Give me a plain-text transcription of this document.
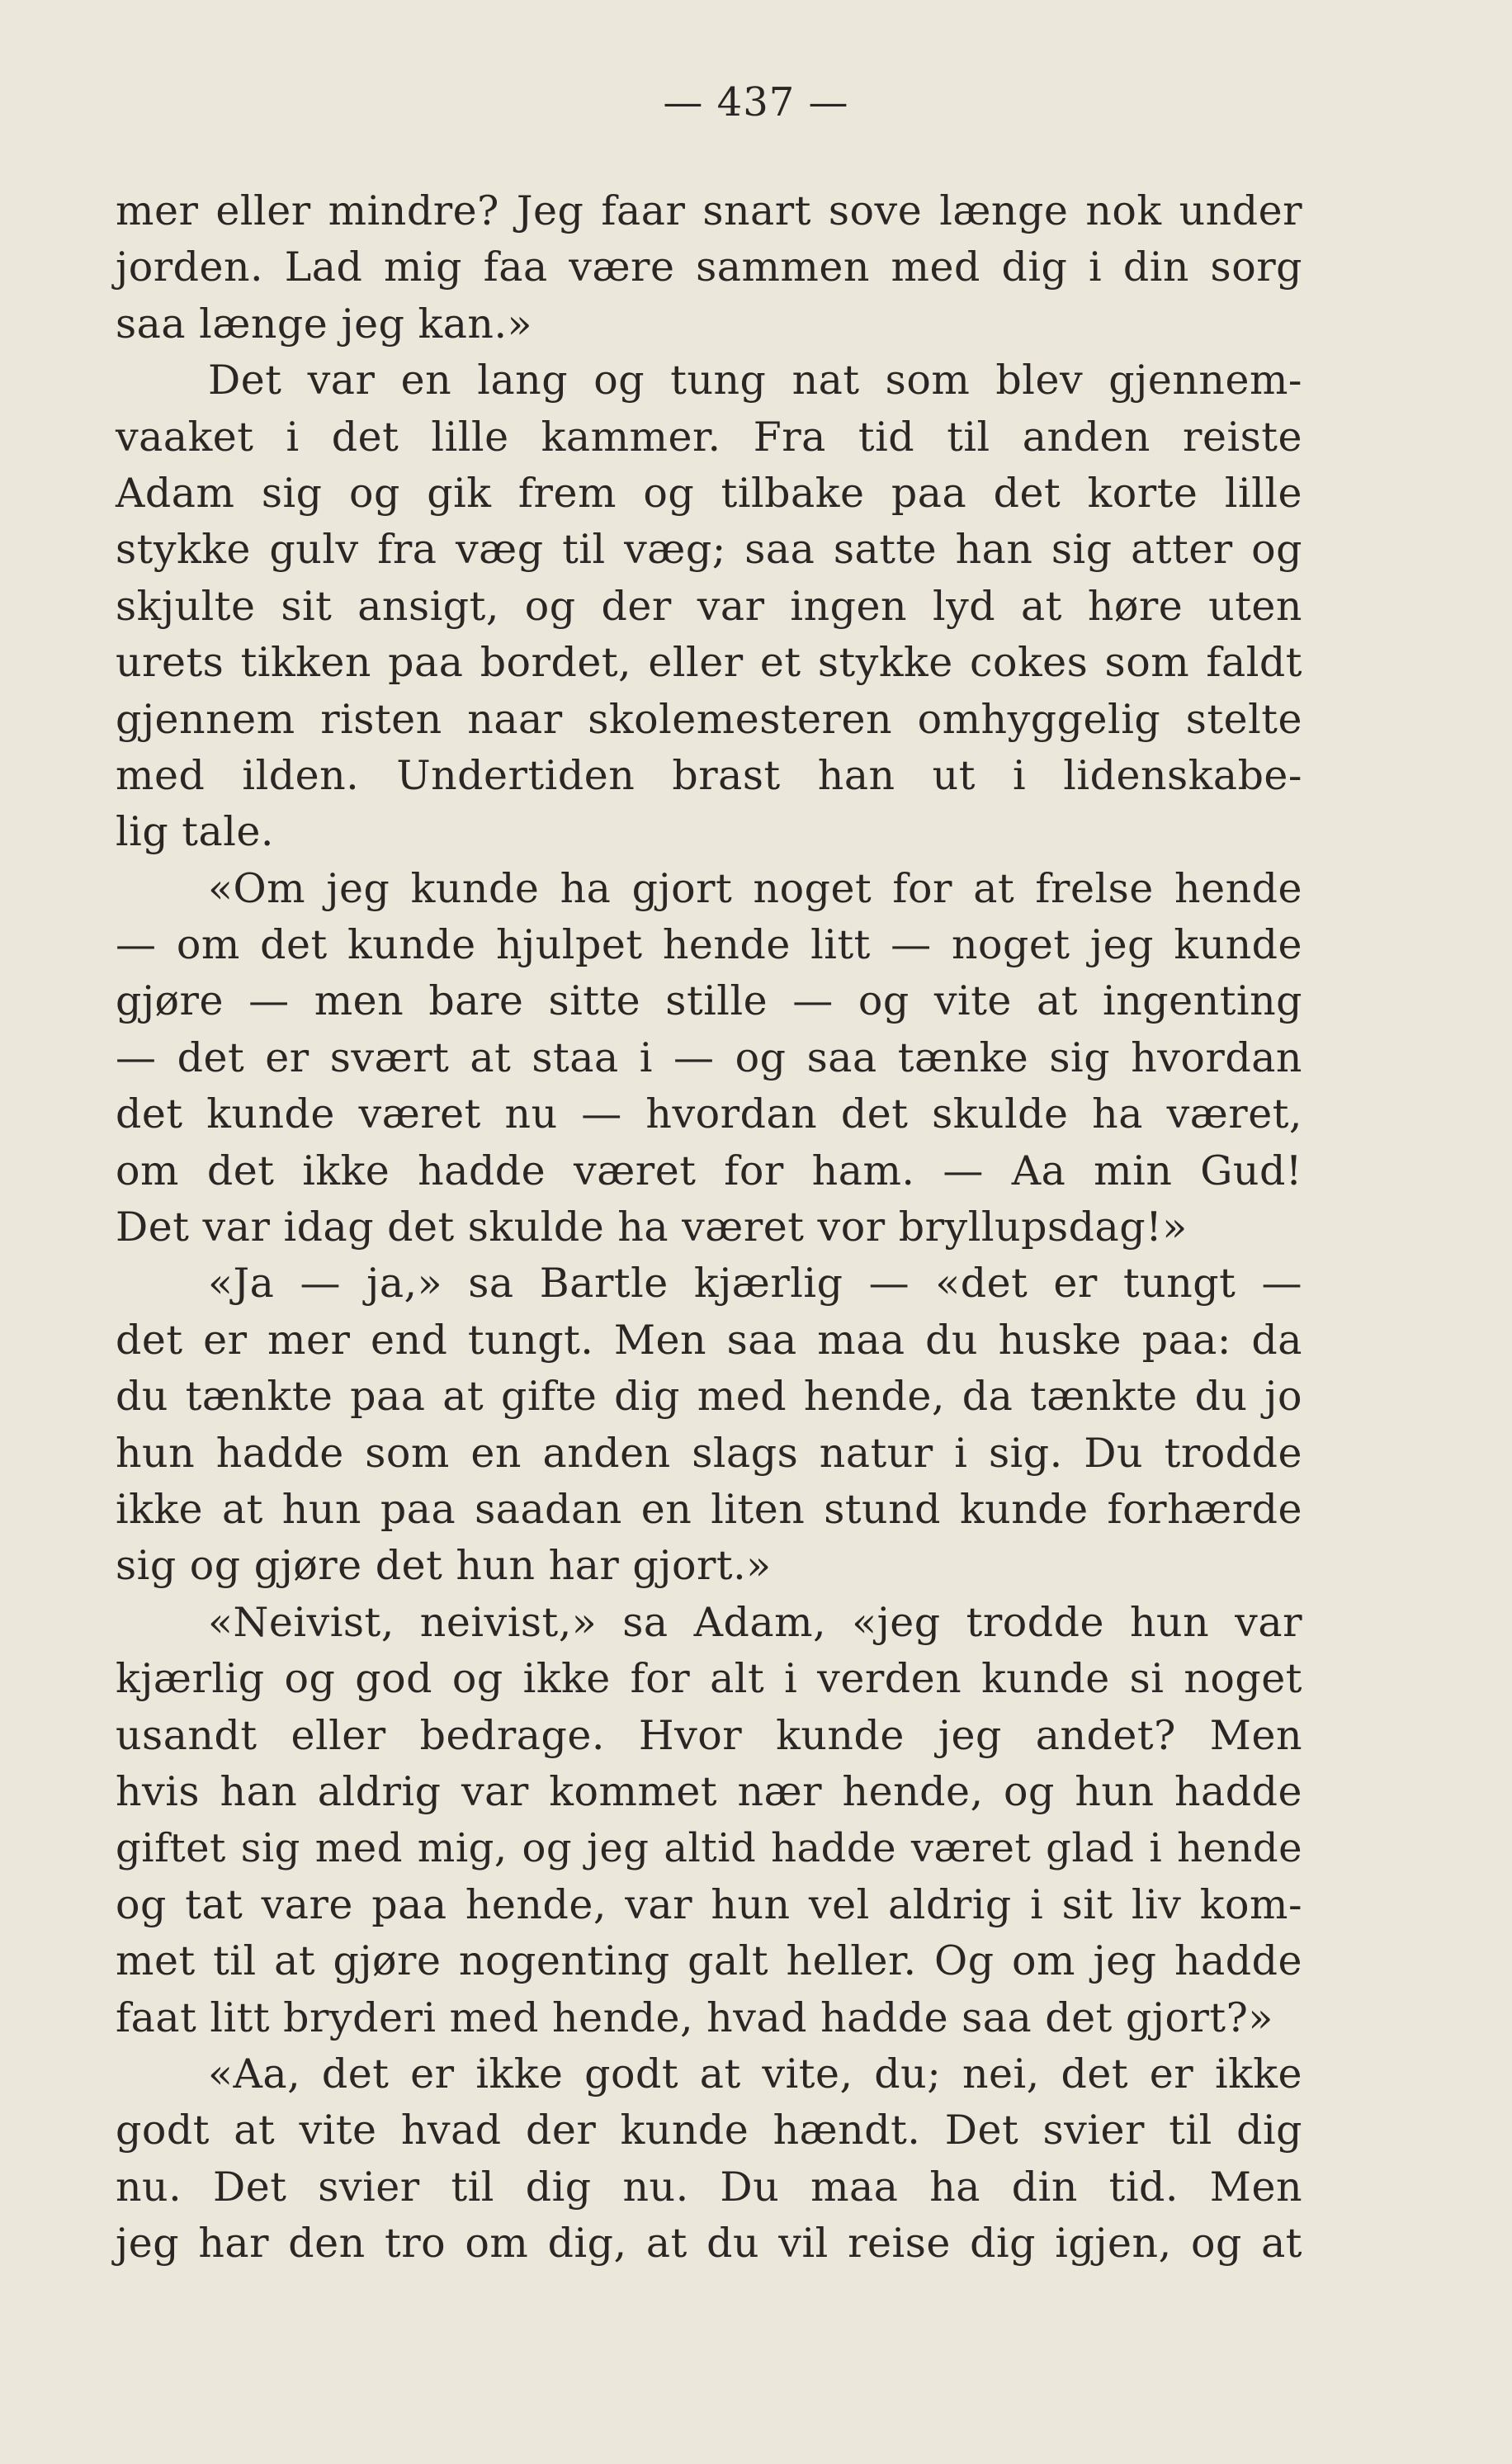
— 437 —
mer eller mindre? Jeg faar snart sove længe nok under
jorden. Lad mig faa være sammen med dig i din sorg
saa længe jeg kan.»
Det var en lang og tung nat som blev gjennem-
vaaket i det lille kammer. Fra tid til anden reiste
Adam sig og gik frem og tilbake paa det korte lille
stykke gulv fra væg til væg; saa satte han sig atter og
skjulte sit ansigt, og der var ingen lyd at høre uten
urets tikken paa bordet, eller et stykke cokes som faldt
gjennem risten naar skolemesteren omhyggelig stelte
med ilden. Undertiden brast han ut i lidenskabe-
lig tale.
«Om jeg kunde ha gjort noget for at frelse hende
— om det kunde hjulpet hende litt — noget jeg kunde
gjøre — men bare sitte stille — og vite at ingenting
— det er svært at staa i — og saa tænke sig hvordan
det kunde været nu — hvordan det skulde ha været,
om det ikke hadde været for ham. — Aa min Gud!
Det var idag det skulde ha været vor bryllupsdag!»
«Ja — ja,» sa Bartle kjærlig — «det er tungt —
det er mer end tungt. Men saa maa du huske paa: da
du tænkte paa at gifte dig med hende, da tænkte du jo
hun hadde som en anden slags natur i sig. Du trodde
ikke at hun paa saadan en liten stund kunde forhærde
sig og gjøre det hun har gjort.»
«Neivist, neivist,» sa Adam, «jeg trodde hun var
kjærlig og god og ikke for alt i verden kunde si noget
usandt eller bedrage. Hvor kunde jeg andet? Men
hvis han aldrig var kommet nær hende, og hun hadde
giftet sig med mig, og jeg altid hadde været glad i hende
og tat vare paa hende, var hun vel aldrig i sit liv kom-
met til at gjøre nogenting galt heller. Og om jeg hadde
faat litt bryderi med hende, hvad hadde saa det gjort?»
«Aa, det er ikke godt at vite, du; nei, det er ikke
godt at vite hvad der kunde hændt. Det svier til dig
nu. Det svier til dig nu. Du maa ha din tid. Men
jeg har den tro om dig, at du vil reise dig igjen, og at
